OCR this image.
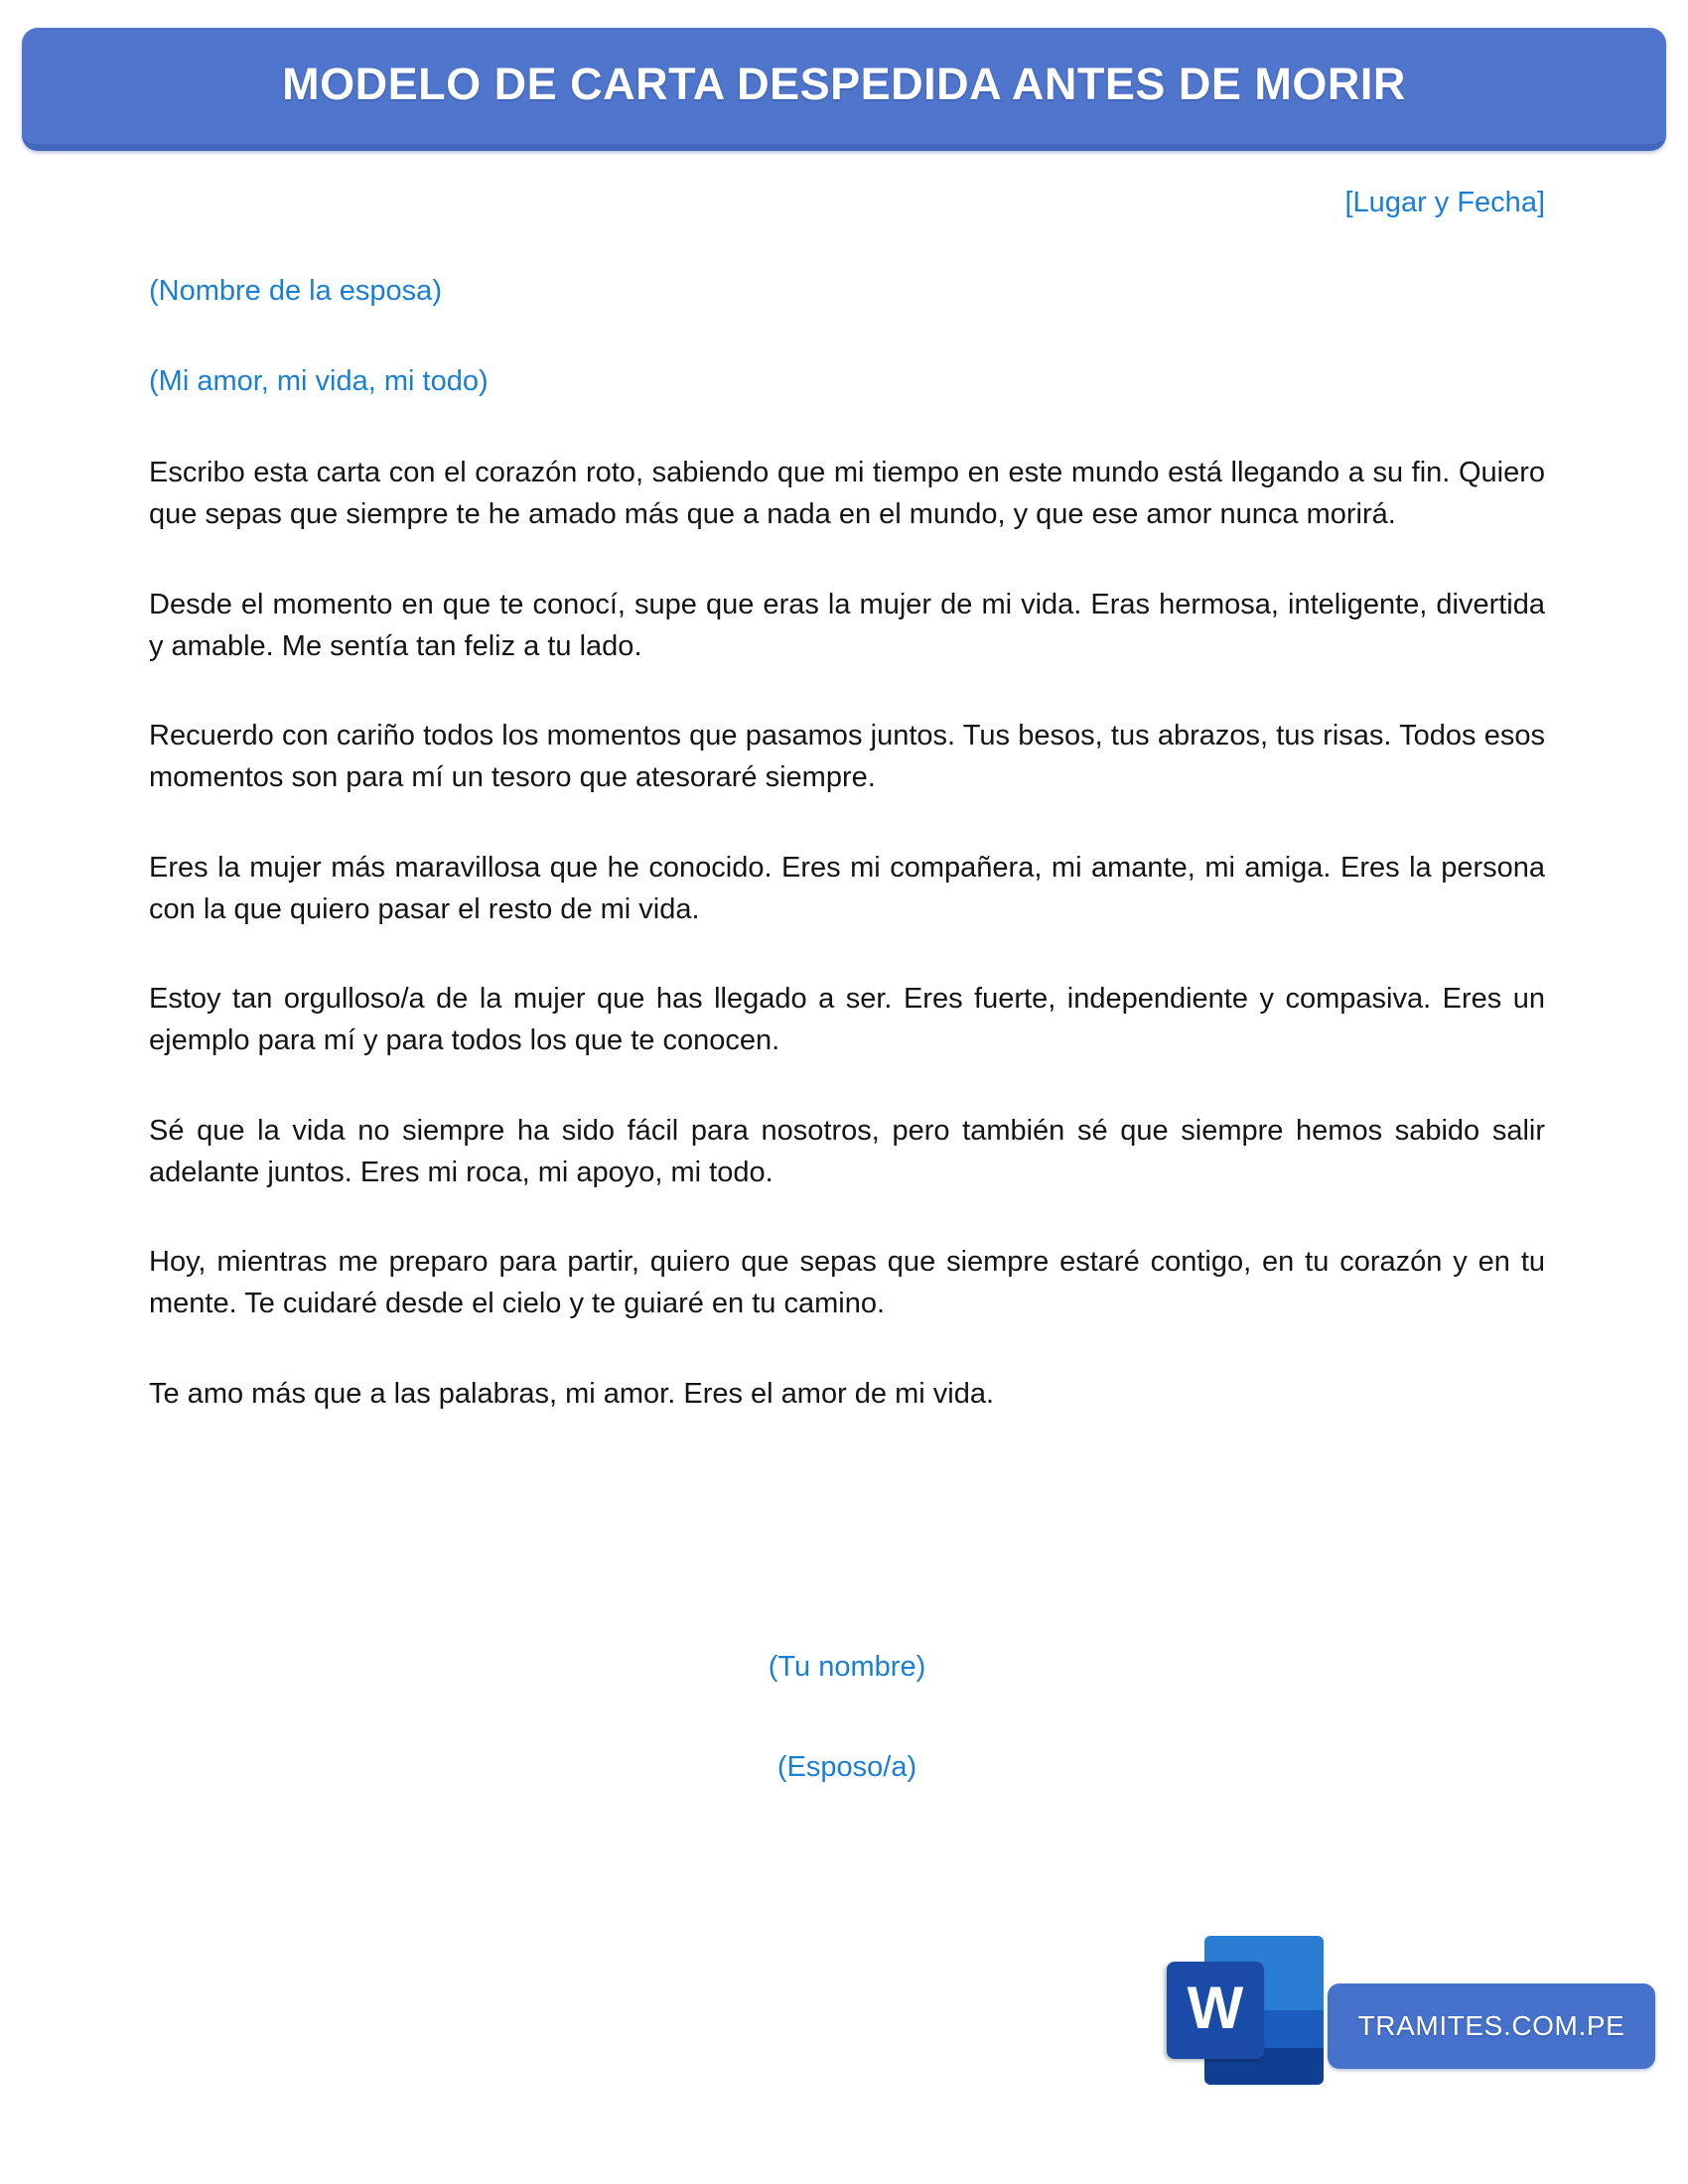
MODELO DE CARTA DESPEDIDA ANTES DE MORIR
[Lugar y Fecha]
(Nombre de la esposa)
(Mi amor, mi vida, mi todo)

Escribo esta carta con el corazón roto, sabiendo que mi tiempo en este mundo está llegando a su fin. Quiero que sepas que siempre te he amado más que a nada en el mundo, y que ese amor nunca morirá.

Desde el momento en que te conocí, supe que eras la mujer de mi vida. Eras hermosa, inteligente, divertida y amable. Me sentía tan feliz a tu lado.

Recuerdo con cariño todos los momentos que pasamos juntos. Tus besos, tus abrazos, tus risas. Todos esos momentos son para mí un tesoro que atesoraré siempre.

Eres la mujer más maravillosa que he conocido. Eres mi compañera, mi amante, mi amiga. Eres la persona con la que quiero pasar el resto de mi vida.

Estoy tan orgulloso/a de la mujer que has llegado a ser. Eres fuerte, independiente y compasiva. Eres un ejemplo para mí y para todos los que te conocen.

Sé que la vida no siempre ha sido fácil para nosotros, pero también sé que siempre hemos sabido salir adelante juntos. Eres mi roca, mi apoyo, mi todo.

Hoy, mientras me preparo para partir, quiero que sepas que siempre estaré contigo, en tu corazón y en tu mente. Te cuidaré desde el cielo y te guiaré en tu camino.

Te amo más que a las palabras, mi amor. Eres el amor de mi vida.

(Tu nombre)
(Esposo/a)
W	TRAMITES.COM.PE
